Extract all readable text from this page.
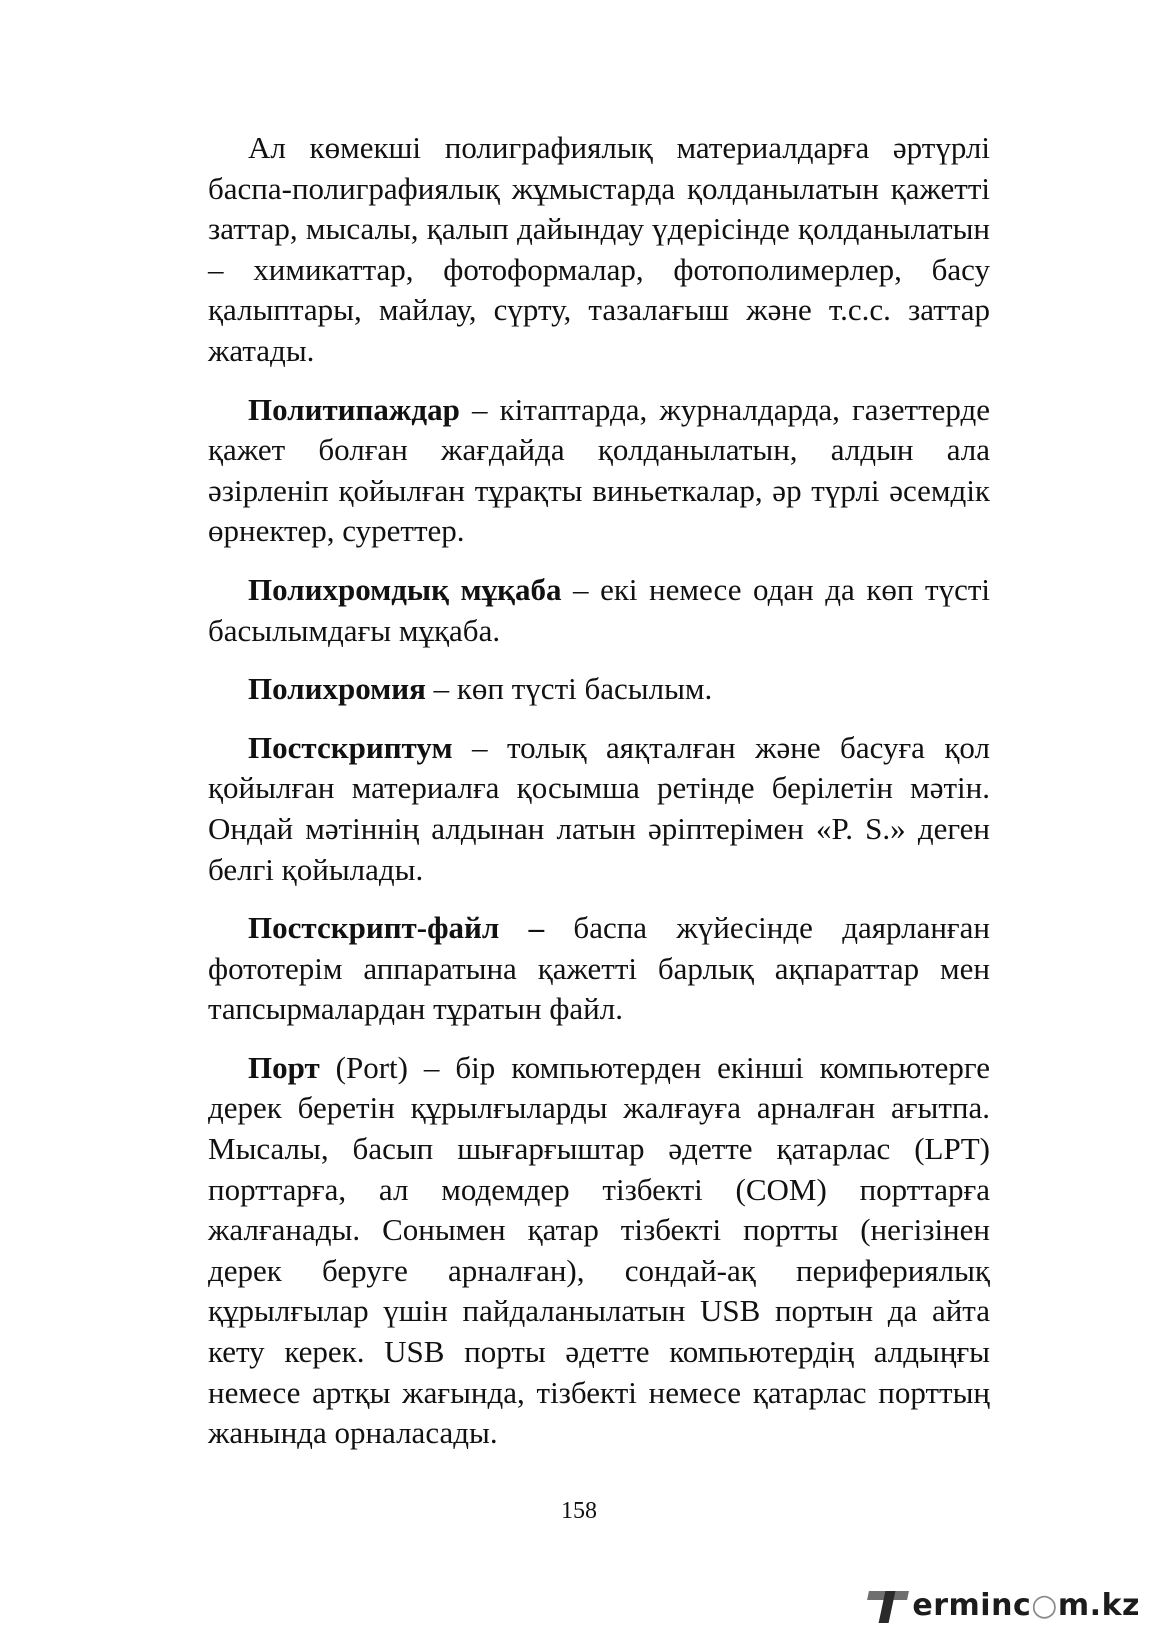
Ал көмекші полиграфиялық материалдарға әртүрлі баспа-полиграфиялық жұмыстарда қолданылатын қажетті заттар, мысалы, қалып дайындау үдерісінде қолданылатын – химикаттар, фотоформалар, фотополимерлер, басу қалыптары, майлау, сүрту, тазалағыш және т.с.с. заттар жатады.

Политипаждар – кітаптарда, журналдарда, газеттерде қажет болған жағдайда қолданылатын, алдын ала әзірленіп қойылған тұрақты виньеткалар, әр түрлі әсемдік өрнектер, суреттер.

Полихромдық мұқаба – екі немесе одан да көп түсті басылымдағы мұқаба.

Полихромия – көп түсті басылым.

Постскриптум – толық аяқталған және басуға қол қойылған материалға қосымша ретінде берілетін мәтін. Ондай мәтіннің алдынан латын әріптерімен «P. S.» деген белгі қойылады.

Постскрипт-файл – баспа жүйесінде даярланған фототерім аппаратына қажетті барлық ақпараттар мен тапсырмалардан тұратын файл.

Порт (Port) – бір компьютерден екінші компьютерге дерек беретін құрылғыларды жалғауға арналған ағытпа. Мысалы, басып шығарғыштар әдетте қатарлас (LPT) порттарға, ал модемдер тізбекті (COM) порттарға жалғанады. Сонымен қатар тізбекті портты (негізінен дерек беруге арналған), сондай-ақ перифериялық құрылғылар үшін пайдаланылатын USB портын да айта кету керек. USB порты әдетте компьютердің алдыңғы немесе артқы жағында, тізбекті немесе қатарлас порттың жанында орналасады.

158
erminc ○ m.kz
